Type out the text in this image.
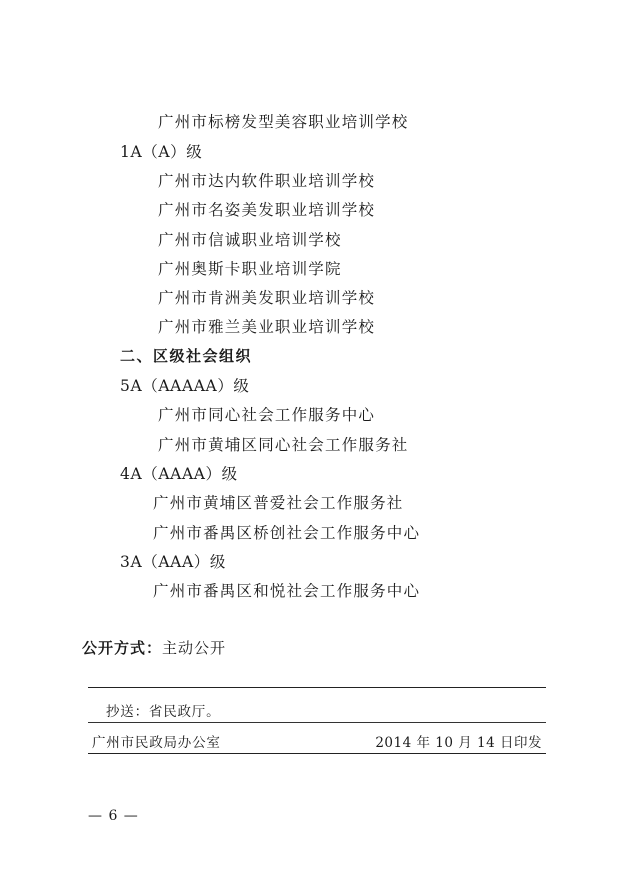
广州市标榜发型美容职业培训学校
1A（A）级
广州市达内软件职业培训学校
广州市名姿美发职业培训学校
广州市信诚职业培训学校
广州奥斯卡职业培训学院
广州市肯洲美发职业培训学校
广州市雅兰美业职业培训学校
二、区级社会组织
5A（AAAAA）级
广州市同心社会工作服务中心
广州市黄埔区同心社会工作服务社
4A（AAAA）级
广州市黄埔区普爱社会工作服务社
广州市番禺区桥创社会工作服务中心
3A（AAA）级
广州市番禺区和悦社会工作服务中心
公开方式：主动公开
抄送：省民政厅。
广州市民政局办公室	2014 年 10 月 14 日印发
— 6 —
